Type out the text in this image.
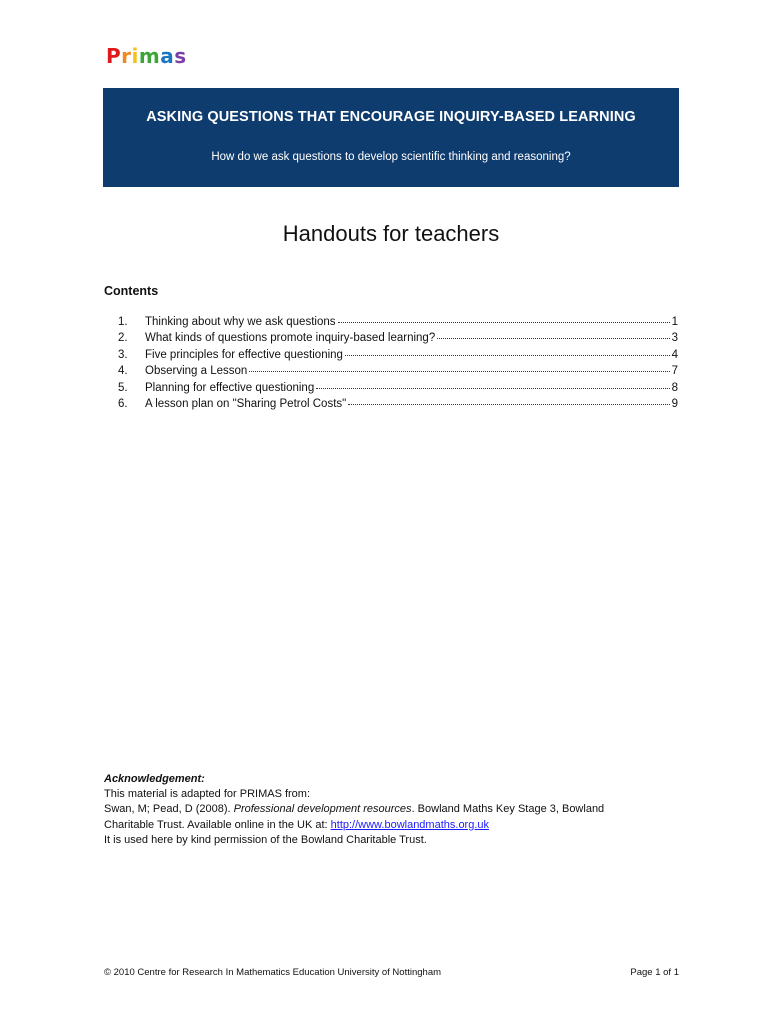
Primas
ASKING QUESTIONS THAT ENCOURAGE INQUIRY-BASED LEARNING
How do we ask questions to develop scientific thinking and reasoning?
Handouts for teachers
Contents
1.	Thinking about why we ask questions	1
2.	What kinds of questions promote inquiry-based learning?	3
3.	Five principles for effective questioning	4
4.	Observing a Lesson	7
5.	Planning for effective questioning	8
6.	A lesson plan on "Sharing Petrol Costs"	9
Acknowledgement:
This material is adapted for PRIMAS from:
Swan, M; Pead, D (2008). Professional development resources. Bowland Maths Key Stage 3, Bowland
Charitable Trust. Available online in the UK at: http://www.bowlandmaths.org.uk
It is used here by kind permission of the Bowland Charitable Trust.
© 2010 Centre for Research In Mathematics Education University of Nottingham	Page 1 of 1
